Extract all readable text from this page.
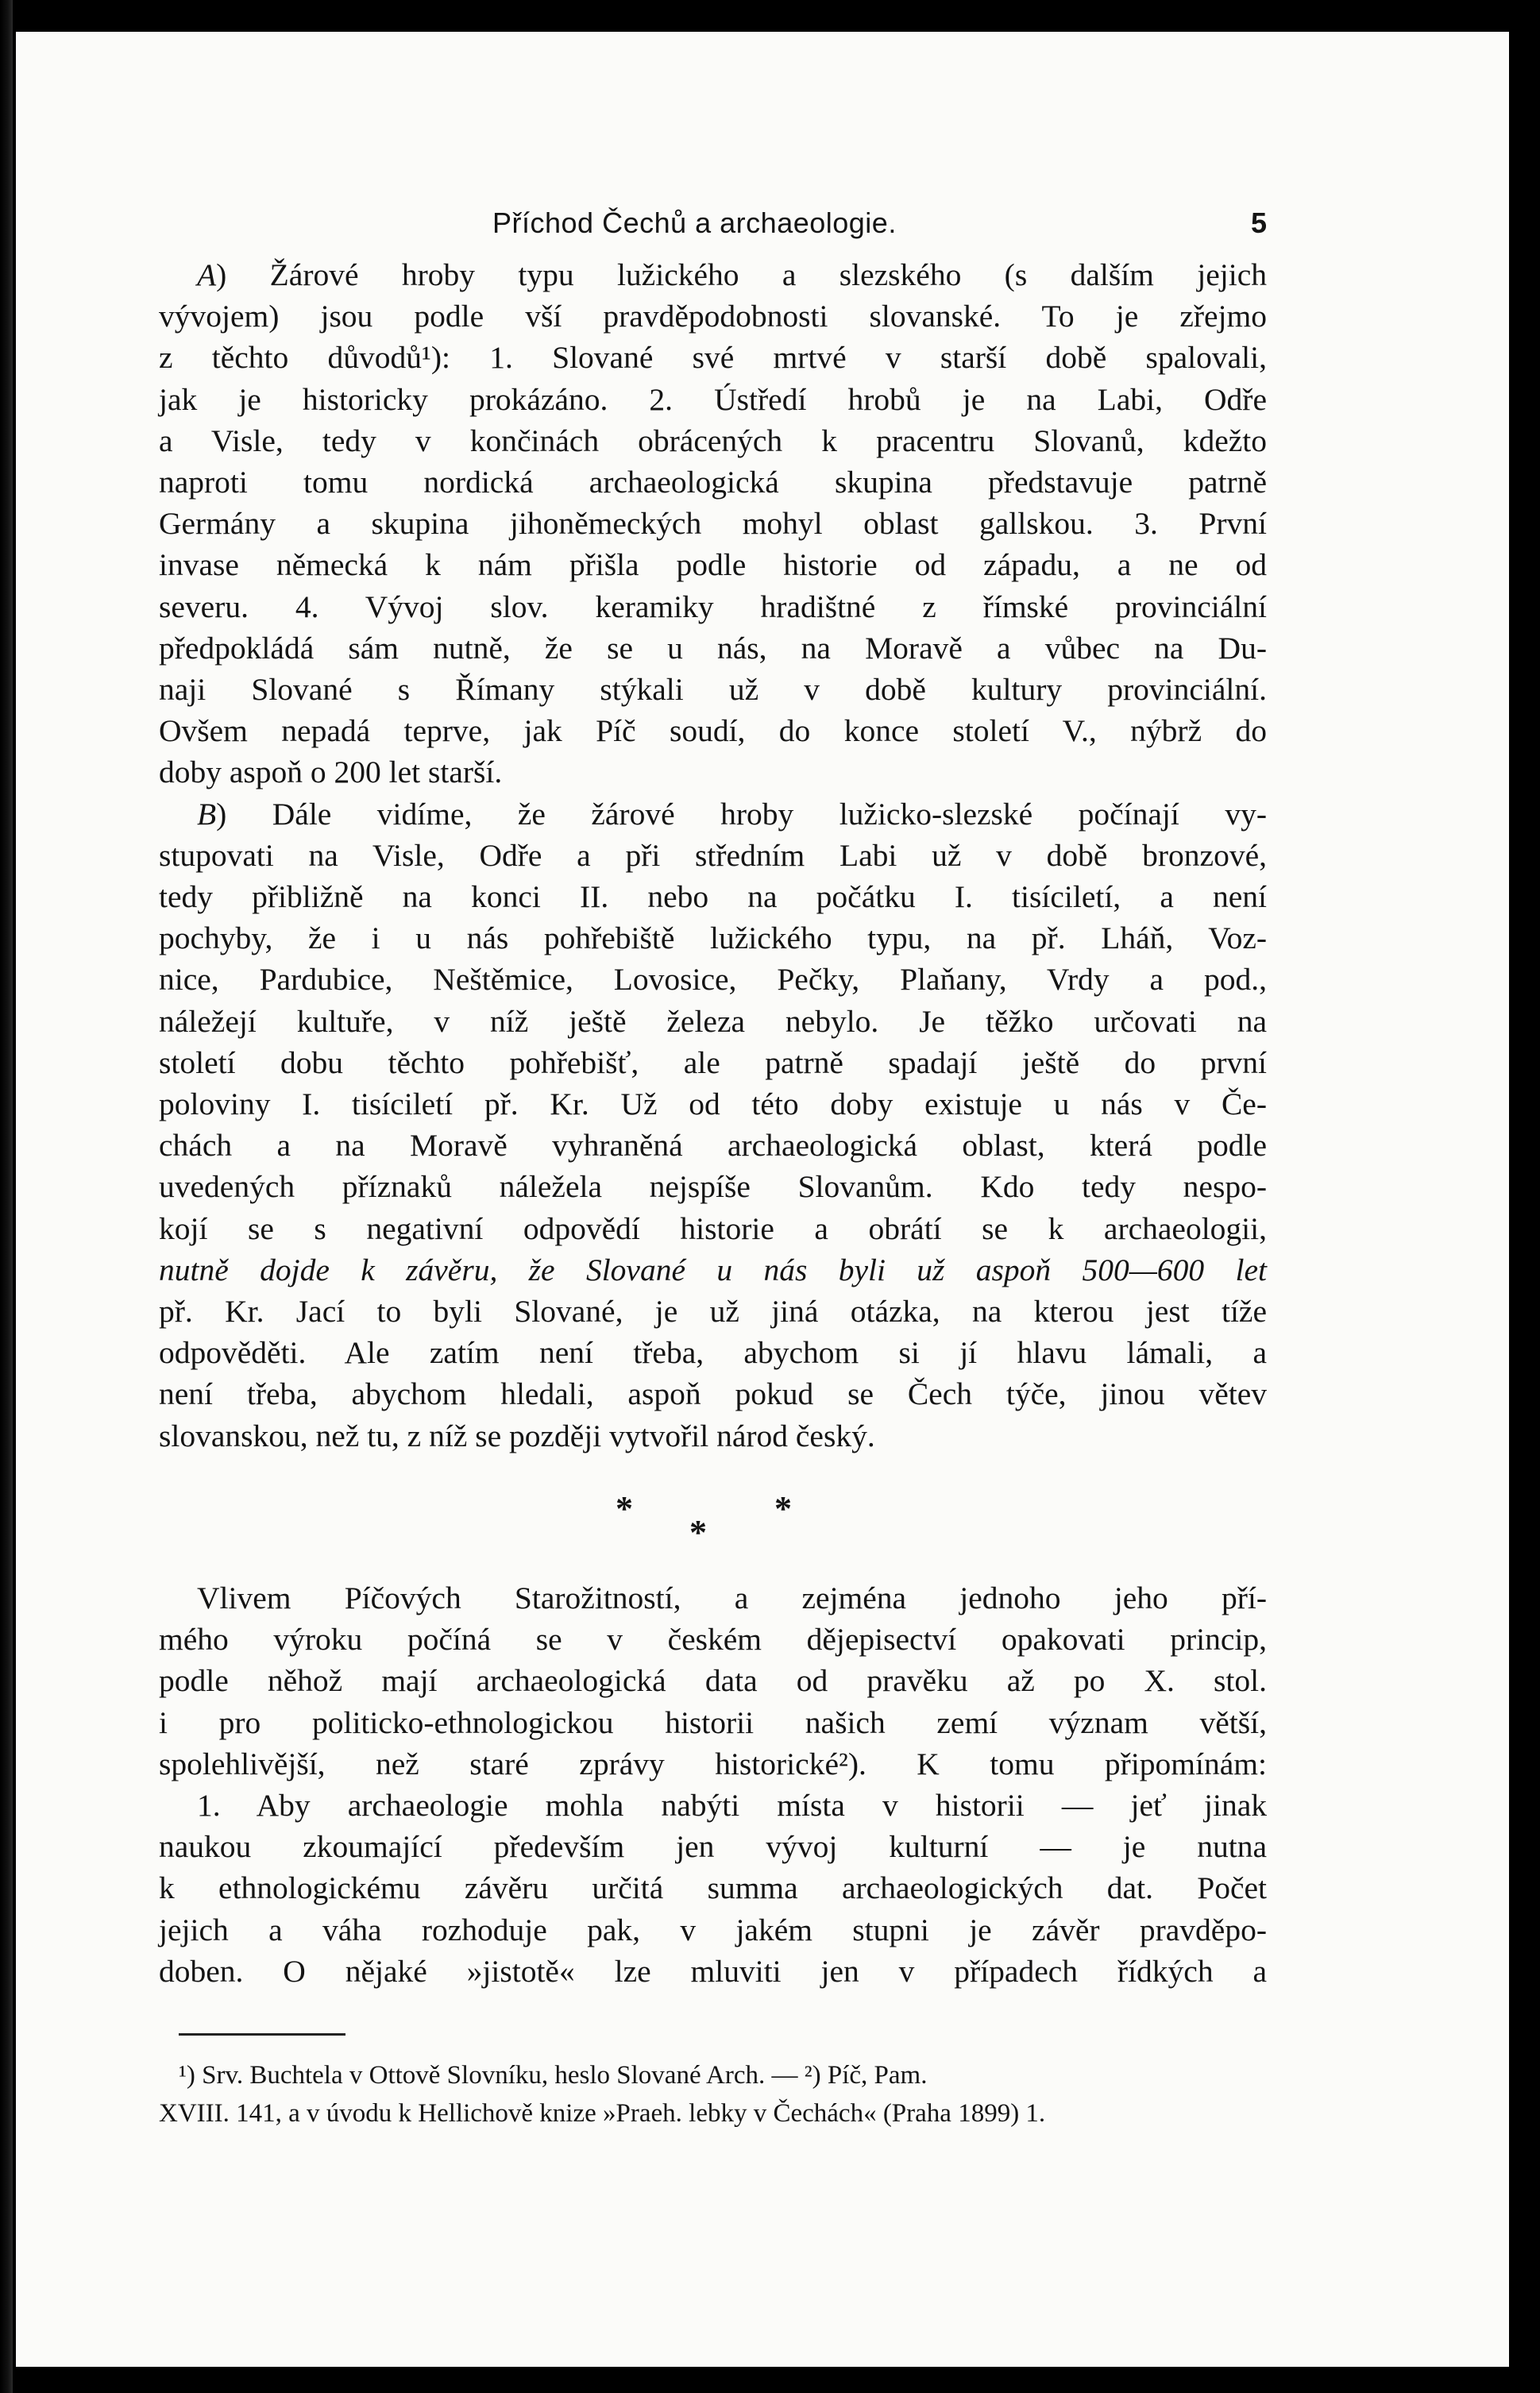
Příchod Čechů a archaeologie.	5

A) Žárové hroby typu lužického a slezského (s dalším jejich
vývojem) jsou podle vší pravděpodobnosti slovanské. To je zřejmo
z těchto důvodů¹): 1. Slované své mrtvé v starší době spalovali,
jak je historicky prokázáno. 2. Ústředí hrobů je na Labi, Odře
a Visle, tedy v končinách obrácených k pracentru Slovanů, kdežto
naproti tomu nordická archaeologická skupina představuje patrně
Germány a skupina jihoněmeckých mohyl oblast gallskou. 3. První
invase německá k nám přišla podle historie od západu, a ne od
severu. 4. Vývoj slov. keramiky hradištné z římské provinciální
předpokládá sám nutně, že se u nás, na Moravě a vůbec na Du-
naji Slované s Římany stýkali už v době kultury provinciální.
Ovšem nepadá teprve, jak Píč soudí, do konce století V., nýbrž do
doby aspoň o 200 let starší.

B) Dále vidíme, že žárové hroby lužicko-slezské počínají vy-
stupovati na Visle, Odře a při středním Labi už v době bronzové,
tedy přibližně na konci II. nebo na počátku I. tisíciletí, a není
pochyby, že i u nás pohřebiště lužického typu, na př. Lháň, Voz-
nice, Pardubice, Neštěmice, Lovosice, Pečky, Plaňany, Vrdy a pod.,
náležejí kultuře, v níž ještě železa nebylo. Je těžko určovati na
století dobu těchto pohřebišť, ale patrně spadají ještě do první
poloviny I. tisíciletí př. Kr. Už od této doby existuje u nás v Če-
chách a na Moravě vyhraněná archaeologická oblast, která podle
uvedených příznaků náležela nejspíše Slovanům. Kdo tedy nespo-
kojí se s negativní odpovědí historie a obrátí se k archaeologii,
nutně dojde k závěru, že Slované u nás byli už aspoň 500—600 let
př. Kr. Jací to byli Slované, je už jiná otázka, na kterou jest tíže
odpověděti. Ale zatím není třeba, abychom si jí hlavu lámali, a
není třeba, abychom hledali, aspoň pokud se Čech týče, jinou větev
slovanskou, než tu, z níž se později vytvořil národ český.

*
*
*

Vlivem Píčových Starožitností, a zejména jednoho jeho pří-
mého výroku počíná se v českém dějepisectví opakovati princip,
podle něhož mají archaeologická data od pravěku až po X. stol.
i pro politicko-ethnologickou historii našich zemí význam větší,
spolehlivější, než staré zprávy historické²). K tomu připomínám:

1. Aby archaeologie mohla nabýti místa v historii — jeť jinak
naukou zkoumající především jen vývoj kulturní — je nutna
k ethnologickému závěru určitá summa archaeologických dat. Počet
jejich a váha rozhoduje pak, v jakém stupni je závěr pravděpo-
doben. O nějaké »jistotě« lze mluviti jen v případech řídkých a

¹) Srv. Buchtela v Ottově Slovníku, heslo Slované Arch. — ²) Píč, Pam.
XVIII. 141, a v úvodu k Hellichově knize »Praeh. lebky v Čechách« (Praha 1899) 1.
